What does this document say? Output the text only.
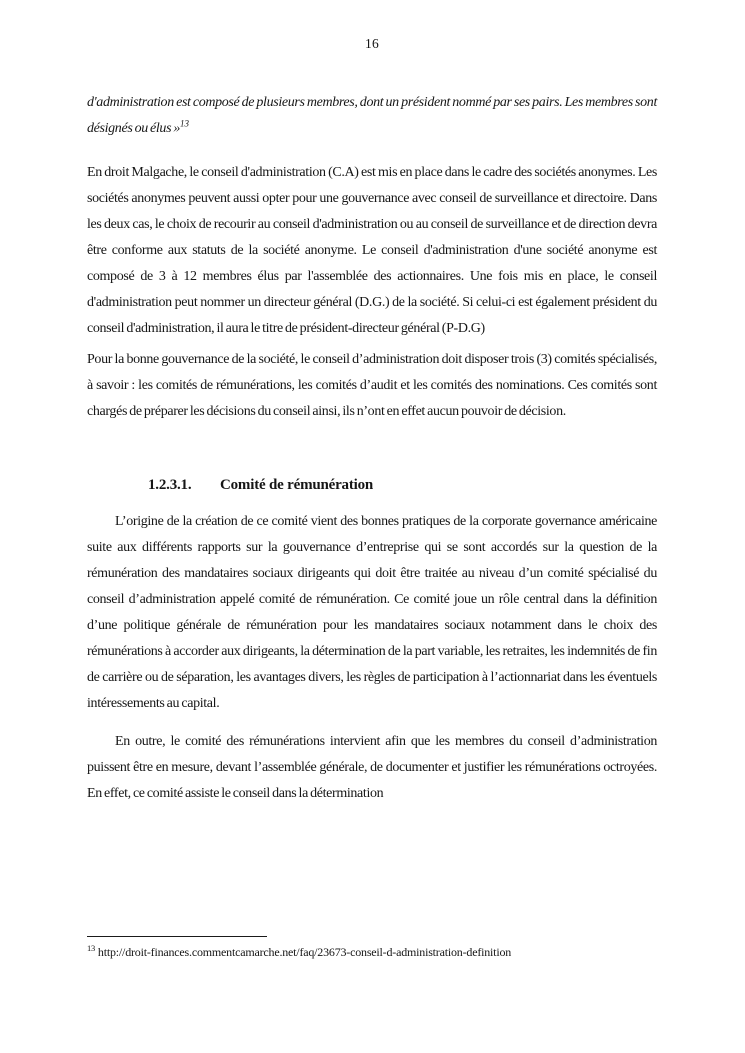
16

d'administration est composé de plusieurs membres, dont un président nommé par ses pairs. Les membres sont désignés ou élus »$^{13}$

En droit Malgache, le conseil d'administration (C.A) est mis en place dans le cadre des sociétés anonymes. Les sociétés anonymes peuvent aussi opter pour une gouvernance avec conseil de surveillance et directoire. Dans les deux cas, le choix de recourir au conseil d'administration ou au conseil de surveillance et de direction devra être conforme aux statuts de la société anonyme. Le conseil d'administration d'une société anonyme est composé de 3 à 12 membres élus par l'assemblée des actionnaires. Une fois mis en place, le conseil d'administration peut nommer un directeur général (D.G.) de la société. Si celui-ci est également président du conseil d'administration, il aura le titre de président-directeur général (P-D.G)

Pour la bonne gouvernance de la société, le conseil d’administration doit disposer trois (3) comités spécialisés, à savoir : les comités de rémunérations, les comités d’audit et les comités des nominations. Ces comités sont chargés de préparer les décisions du conseil ainsi, ils n’ont en effet aucun pouvoir de décision.

1.2.3.1. Comité de rémunération

L’origine de la création de ce comité vient des bonnes pratiques de la corporate governance américaine suite aux différents rapports sur la gouvernance d’entreprise qui se sont accordés sur la question de la rémunération des mandataires sociaux dirigeants qui doit être traitée au niveau d’un comité spécialisé du conseil d’administration appelé comité de rémunération. Ce comité joue un rôle central dans la définition d’une politique générale de rémunération pour les mandataires sociaux notamment dans le choix des rémunérations à accorder aux dirigeants, la détermination de la part variable, les retraites, les indemnités de fin de carrière ou de séparation, les avantages divers, les règles de participation à l’actionnariat dans les éventuels intéressements au capital.

En outre, le comité des rémunérations intervient afin que les membres du conseil d’administration puissent être en mesure, devant l’assemblée générale, de documenter et justifier les rémunérations octroyées. En effet, ce comité assiste le conseil dans la détermination

$^{13}$ http://droit-finances.commentcamarche.net/faq/23673-conseil-d-administration-definition
